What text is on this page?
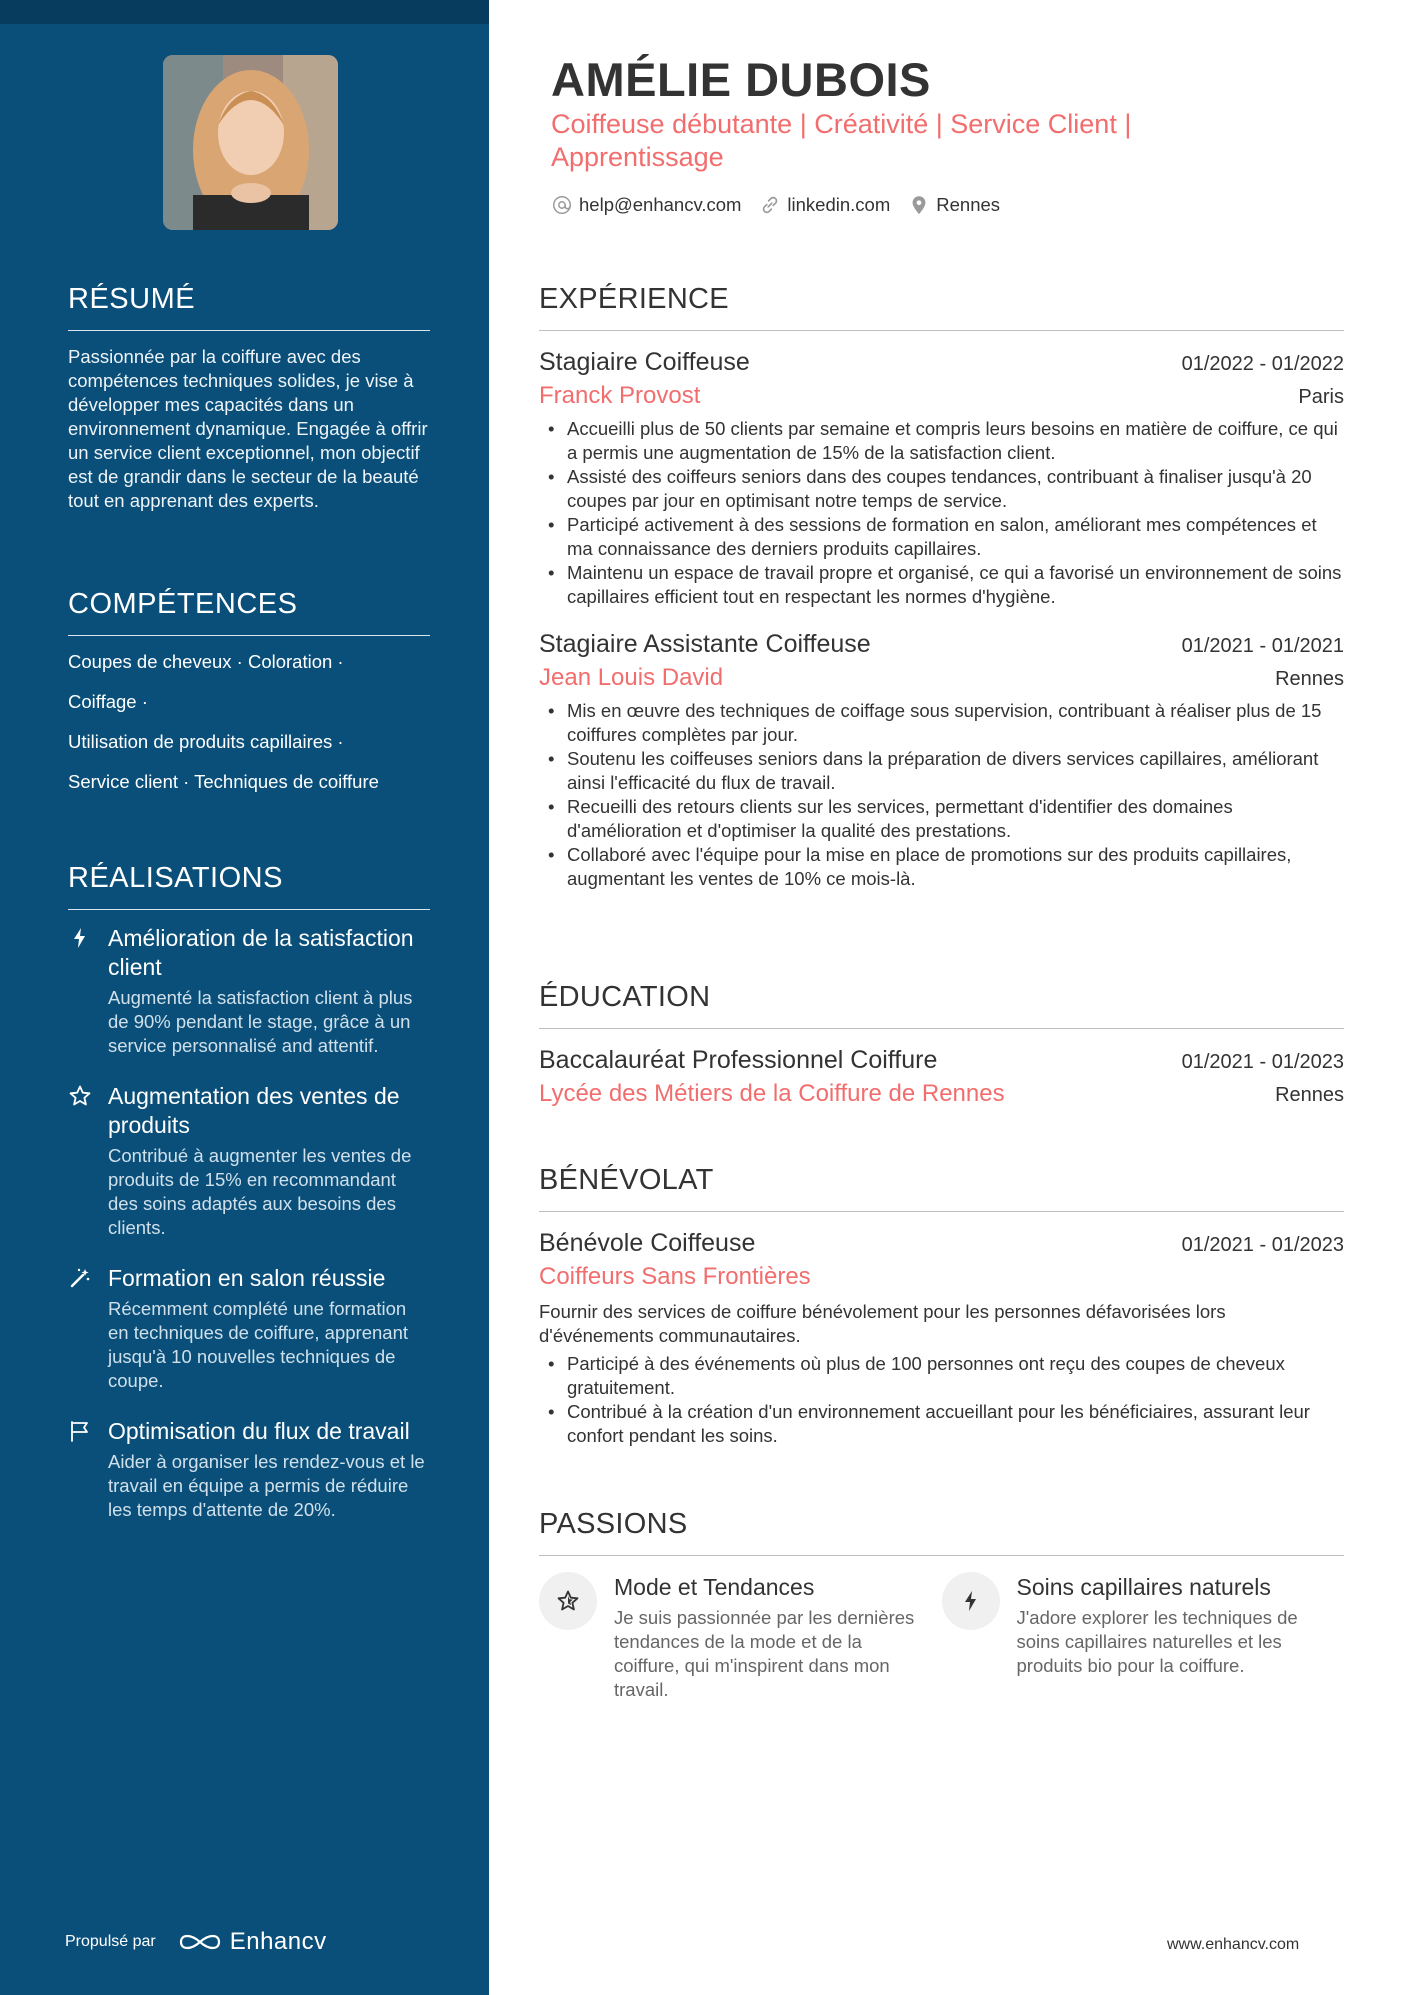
RÉSUMÉ
Passionnée par la coiffure avec des compétences techniques solides, je vise à développer mes capacités dans un environnement dynamique. Engagée à offrir un service client exceptionnel, mon objectif est de grandir dans le secteur de la beauté tout en apprenant des experts.
COMPÉTENCES
Coupes de cheveux · Coloration ·
Coiffage ·
Utilisation de produits capillaires ·
Service client · Techniques de coiffure
RÉALISATIONS
Amélioration de la satisfaction client
Augmenté la satisfaction client à plus de 90% pendant le stage, grâce à un service personnalisé and attentif.
Augmentation des ventes de produits
Contribué à augmenter les ventes de produits de 15% en recommandant des soins adaptés aux besoins des clients.
Formation en salon réussie
Récemment complété une formation en techniques de coiffure, apprenant jusqu'à 10 nouvelles techniques de coupe.
Optimisation du flux de travail
Aider à organiser les rendez-vous et le travail en équipe a permis de réduire les temps d'attente de 20%.
Propulsé par	Enhancv
AMÉLIE DUBOIS
Coiffeuse débutante | Créativité | Service Client | Apprentissage
help@enhancv.com linkedin.com Rennes
EXPÉRIENCE
Stagiaire Coiffeuse	01/2022 - 01/2022
Franck Provost	Paris
• Accueilli plus de 50 clients par semaine et compris leurs besoins en matière de coiffure, ce qui a permis une augmentation de 15% de la satisfaction client.
• Assisté des coiffeurs seniors dans des coupes tendances, contribuant à finaliser jusqu'à 20 coupes par jour en optimisant notre temps de service.
• Participé activement à des sessions de formation en salon, améliorant mes compétences et ma connaissance des derniers produits capillaires.
• Maintenu un espace de travail propre et organisé, ce qui a favorisé un environnement de soins capillaires efficient tout en respectant les normes d'hygiène.
Stagiaire Assistante Coiffeuse	01/2021 - 01/2021
Jean Louis David	Rennes
• Mis en œuvre des techniques de coiffage sous supervision, contribuant à réaliser plus de 15 coiffures complètes par jour.
• Soutenu les coiffeuses seniors dans la préparation de divers services capillaires, améliorant ainsi l'efficacité du flux de travail.
• Recueilli des retours clients sur les services, permettant d'identifier des domaines d'amélioration et d'optimiser la qualité des prestations.
• Collaboré avec l'équipe pour la mise en place de promotions sur des produits capillaires, augmentant les ventes de 10% ce mois-là.
ÉDUCATION
Baccalauréat Professionnel Coiffure	01/2021 - 01/2023
Lycée des Métiers de la Coiffure de Rennes	Rennes
BÉNÉVOLAT
Bénévole Coiffeuse	01/2021 - 01/2023
Coiffeurs Sans Frontières
Fournir des services de coiffure bénévolement pour les personnes défavorisées lors d'événements communautaires.
• Participé à des événements où plus de 100 personnes ont reçu des coupes de cheveux gratuitement.
• Contribué à la création d'un environnement accueillant pour les bénéficiaires, assurant leur confort pendant les soins.
PASSIONS
Mode et Tendances
Je suis passionnée par les dernières tendances de la mode et de la coiffure, qui m'inspirent dans mon travail.
Soins capillaires naturels
J'adore explorer les techniques de soins capillaires naturelles et les produits bio pour la coiffure.
www.enhancv.com
